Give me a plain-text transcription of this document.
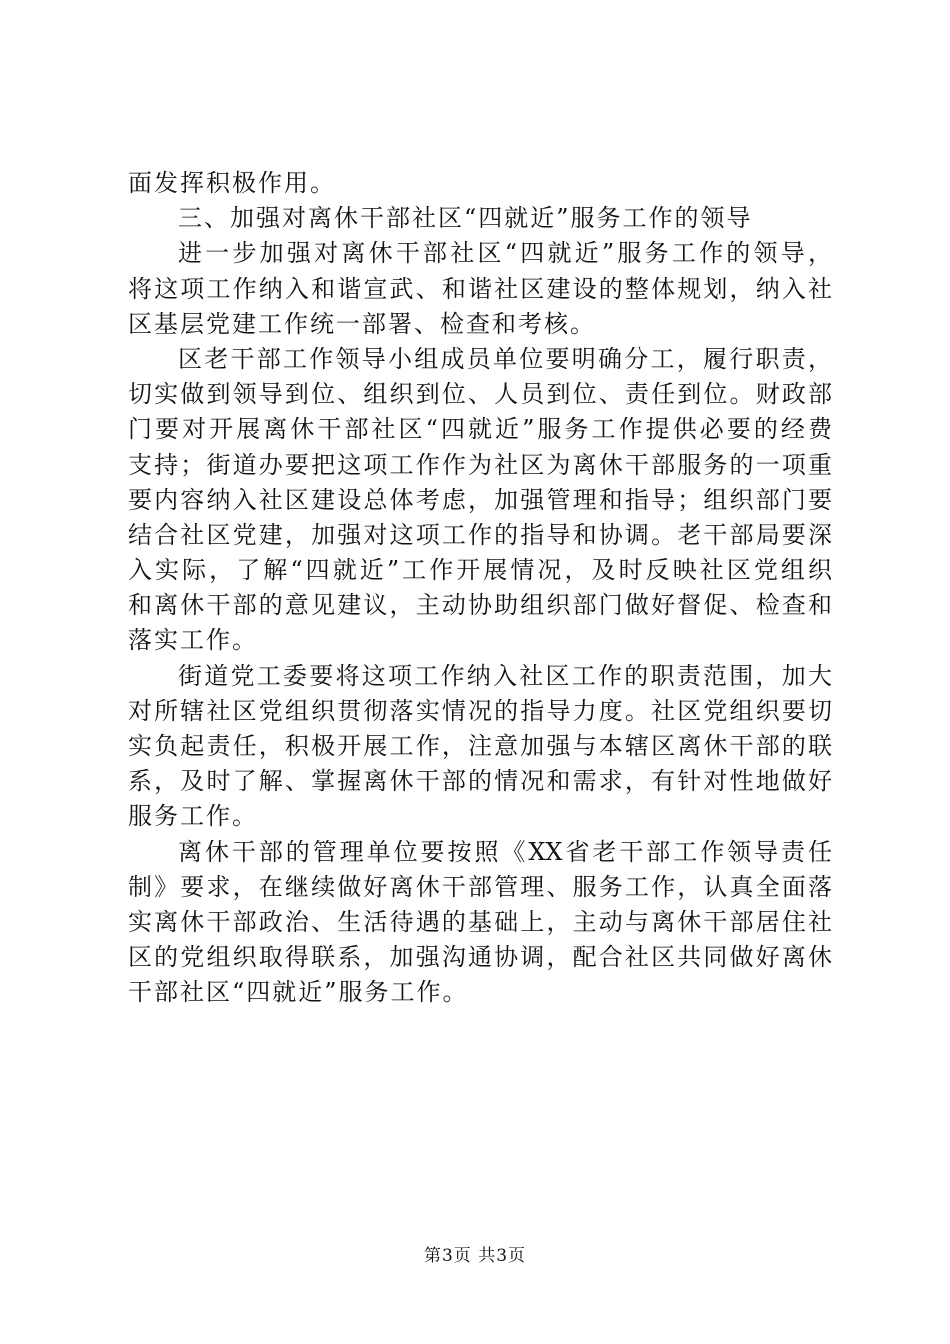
面发挥积极作用。
三、加强对离休干部社区“四就近”服务工作的领导
进一步加强对离休干部社区“四就近”服务工作的领导，
将这项工作纳入和谐宣武、和谐社区建设的整体规划，纳入社
区基层党建工作统一部署、检查和考核。
区老干部工作领导小组成员单位要明确分工，履行职责，
切实做到领导到位、组织到位、人员到位、责任到位。财政部
门要对开展离休干部社区“四就近”服务工作提供必要的经费
支持；街道办要把这项工作作为社区为离休干部服务的一项重
要内容纳入社区建设总体考虑，加强管理和指导；组织部门要
结合社区党建，加强对这项工作的指导和协调。老干部局要深
入实际，了解“四就近”工作开展情况，及时反映社区党组织
和离休干部的意见建议，主动协助组织部门做好督促、检查和
落实工作。
街道党工委要将这项工作纳入社区工作的职责范围，加大
对所辖社区党组织贯彻落实情况的指导力度。社区党组织要切
实负起责任，积极开展工作，注意加强与本辖区离休干部的联
系，及时了解、掌握离休干部的情况和需求，有针对性地做好
服务工作。
离休干部的管理单位要按照《XX省老干部工作领导责任
制》要求，在继续做好离休干部管理、服务工作，认真全面落
实离休干部政治、生活待遇的基础上，主动与离休干部居住社
区的党组织取得联系，加强沟通协调，配合社区共同做好离休
干部社区“四就近”服务工作。
第3页 共3页
